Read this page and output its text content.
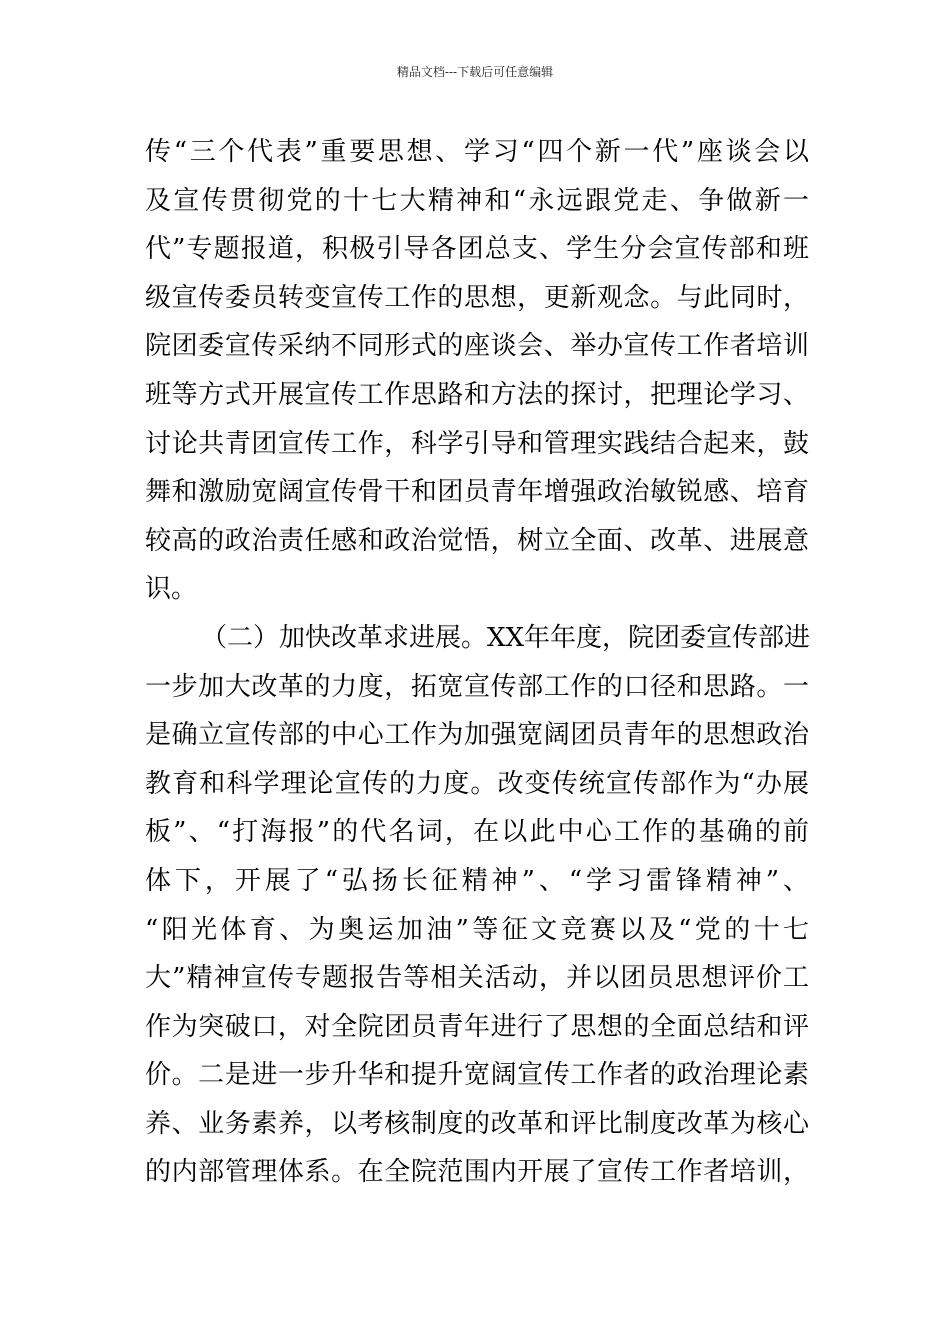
精品文档---下载后可任意编辑
传“三个代表”重要思想、学习“四个新一代”座谈会以
及宣传贯彻党的十七大精神和“永远跟党走、争做新一
代”专题报道，积极引导各团总支、学生分会宣传部和班
级宣传委员转变宣传工作的思想，更新观念。与此同时，
院团委宣传采纳不同形式的座谈会、举办宣传工作者培训
班等方式开展宣传工作思路和方法的探讨，把理论学习、
讨论共青团宣传工作，科学引导和管理实践结合起来，鼓
舞和激励宽阔宣传骨干和团员青年增强政治敏锐感、培育
较高的政治责任感和政治觉悟，树立全面、改革、进展意
识。
（二）加快改革求进展。XX年年度，院团委宣传部进
一步加大改革的力度，拓宽宣传部工作的口径和思路。一
是确立宣传部的中心工作为加强宽阔团员青年的思想政治
教育和科学理论宣传的力度。改变传统宣传部作为“办展
板”、“打海报”的代名词，在以此中心工作的基确的前
体下，开展了“弘扬长征精神”、“学习雷锋精神”、
“阳光体育、为奥运加油”等征文竞赛以及“党的十七
大”精神宣传专题报告等相关活动，并以团员思想评价工
作为突破口，对全院团员青年进行了思想的全面总结和评
价。二是进一步升华和提升宽阔宣传工作者的政治理论素
养、业务素养，以考核制度的改革和评比制度改革为核心
的内部管理体系。在全院范围内开展了宣传工作者培训，
